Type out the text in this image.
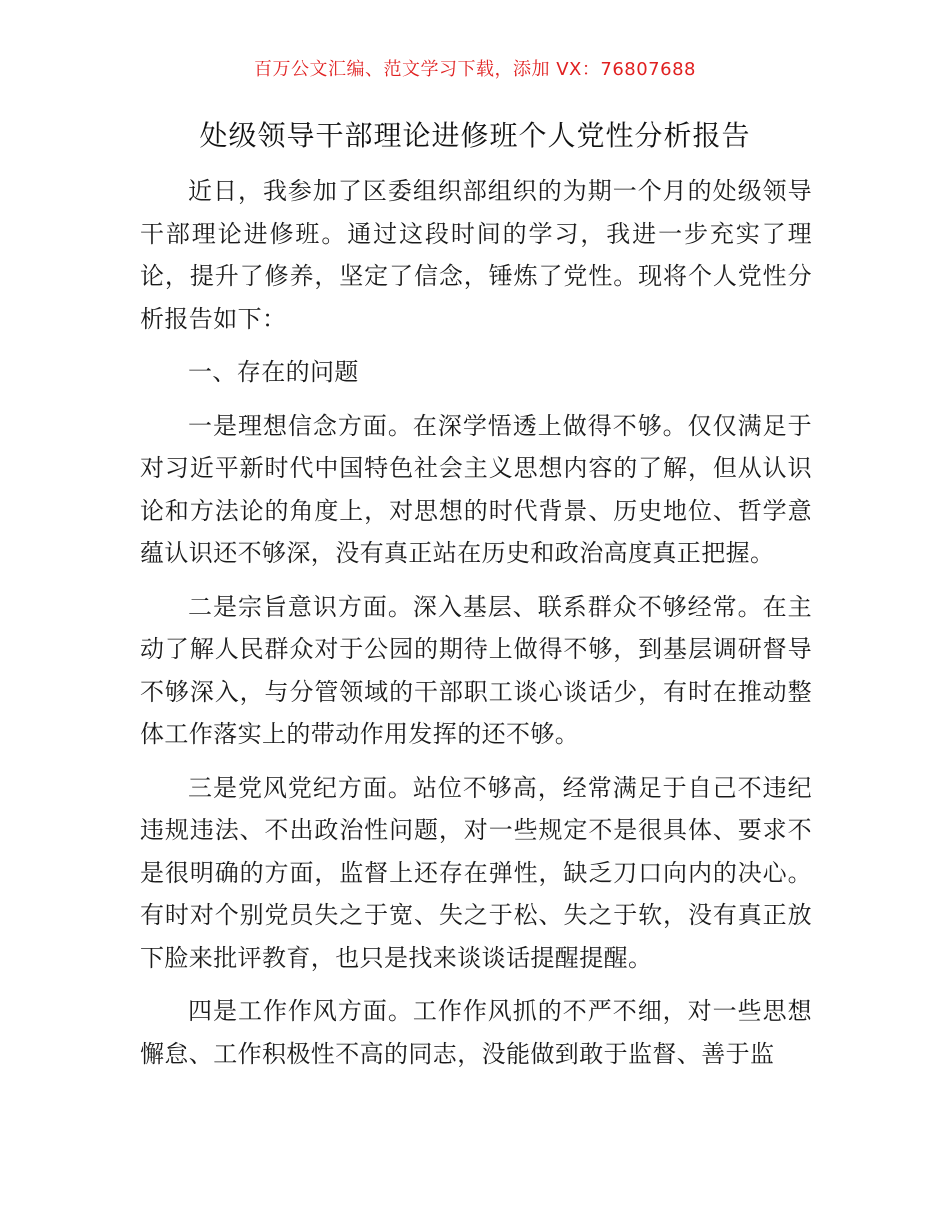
百万公文汇编、范文学习下载，添加 VX：76807688
处级领导干部理论进修班个人党性分析报告

近日，我参加了区委组织部组织的为期一个月的处级领导干部理论进修班。通过这段时间的学习，我进一步充实了理论，提升了修养，坚定了信念，锤炼了党性。现将个人党性分析报告如下：

一、存在的问题

一是理想信念方面。在深学悟透上做得不够。仅仅满足于对习近平新时代中国特色社会主义思想内容的了解，但从认识论和方法论的角度上，对思想的时代背景、历史地位、哲学意蕴认识还不够深，没有真正站在历史和政治高度真正把握。

二是宗旨意识方面。深入基层、联系群众不够经常。在主动了解人民群众对于公园的期待上做得不够，到基层调研督导不够深入，与分管领域的干部职工谈心谈话少，有时在推动整体工作落实上的带动作用发挥的还不够。

三是党风党纪方面。站位不够高，经常满足于自己不违纪违规违法、不出政治性问题，对一些规定不是很具体、要求不是很明确的方面，监督上还存在弹性，缺乏刀口向内的决心。有时对个别党员失之于宽、失之于松、失之于软，没有真正放下脸来批评教育，也只是找来谈谈话提醒提醒。

四是工作作风方面。工作作风抓的不严不细，对一些思想懈怠、工作积极性不高的同志，没能做到敢于监督、善于监
